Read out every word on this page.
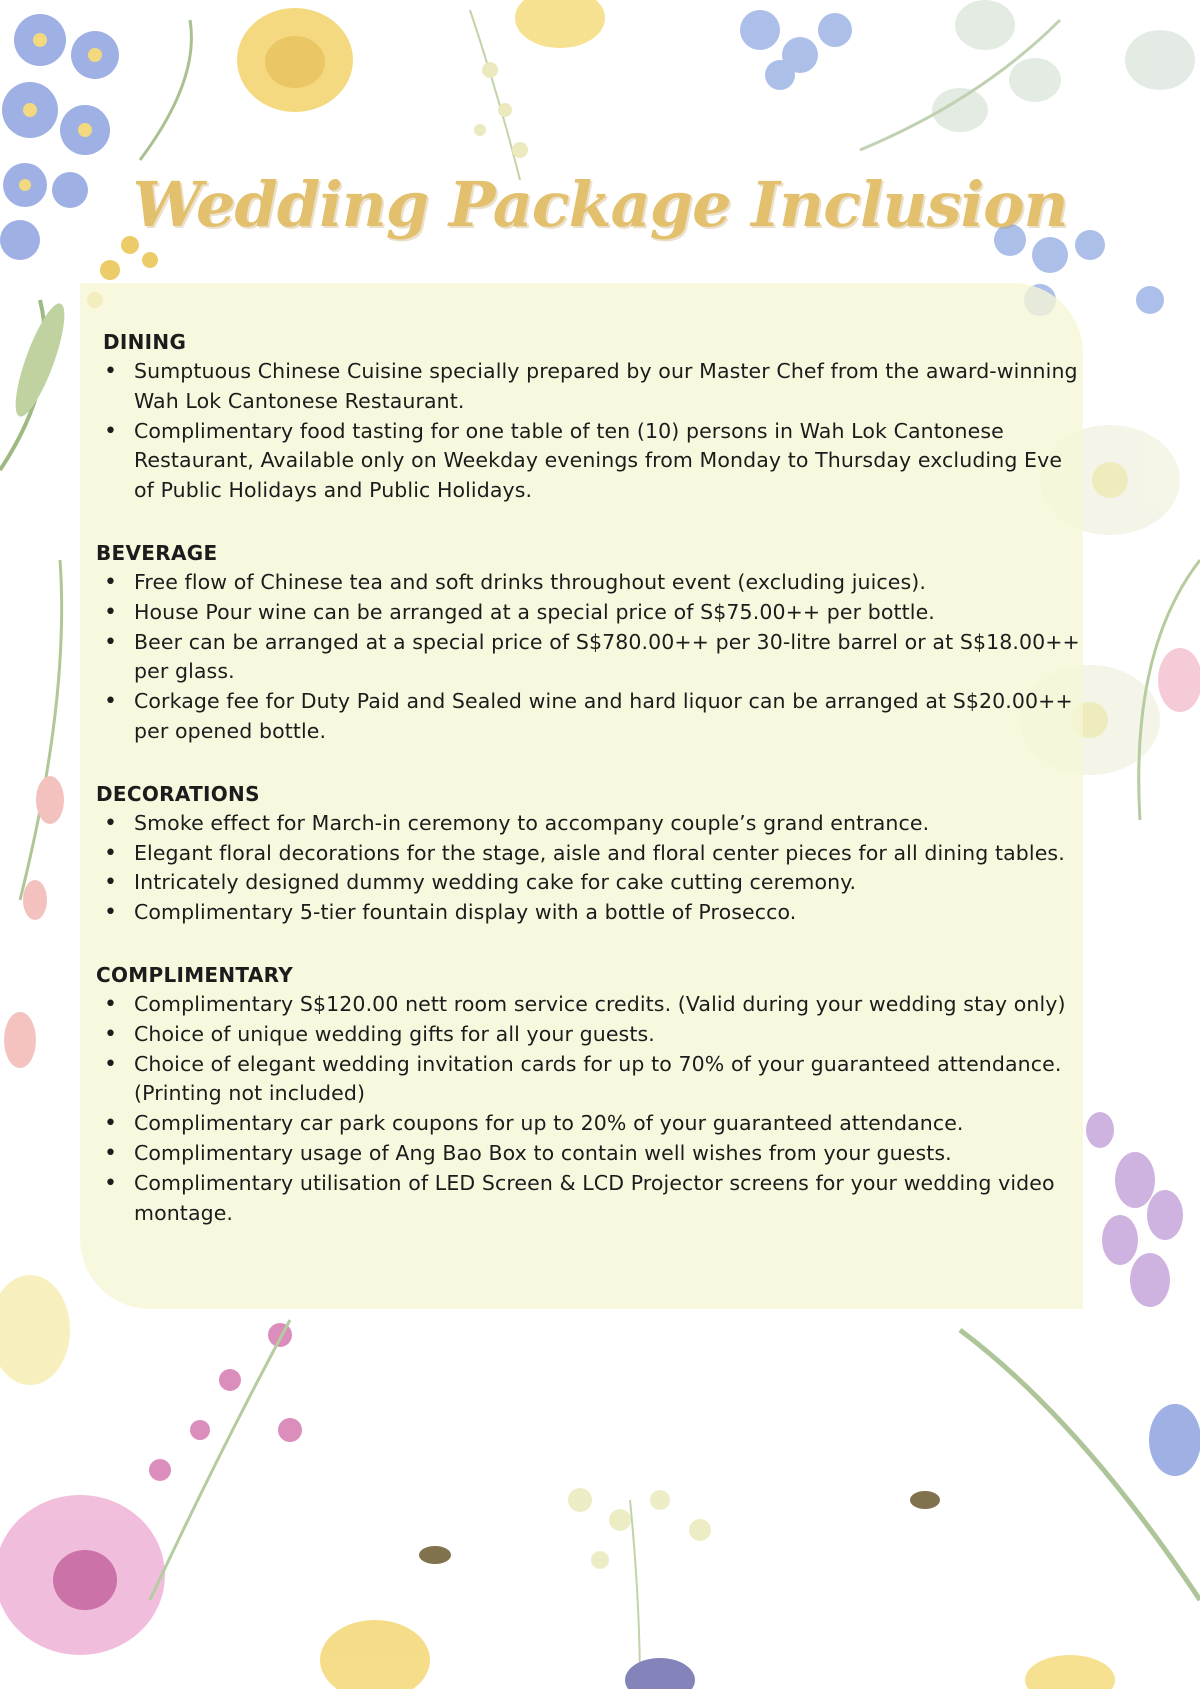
Wedding Package Inclusion
DINING
• Sumptuous Chinese Cuisine specially prepared by our Master Chef from the award-winning Wah Lok Cantonese Restaurant.
• Complimentary food tasting for one table of ten (10) persons in Wah Lok Cantonese Restaurant, Available only on Weekday evenings from Monday to Thursday excluding Eve of Public Holidays and Public Holidays.
BEVERAGE
• Free flow of Chinese tea and soft drinks throughout event (excluding juices).
• House Pour wine can be arranged at a special price of S$75.00++ per bottle.
• Beer can be arranged at a special price of S$780.00++ per 30-litre barrel or at S$18.00++ per glass.
• Corkage fee for Duty Paid and Sealed wine and hard liquor can be arranged at S$20.00++ per opened bottle.
DECORATIONS
• Smoke effect for March-in ceremony to accompany couple’s grand entrance.
• Elegant floral decorations for the stage, aisle and floral center pieces for all dining tables.
• Intricately designed dummy wedding cake for cake cutting ceremony.
• Complimentary 5-tier fountain display with a bottle of Prosecco.
COMPLIMENTARY
• Complimentary S$120.00 nett room service credits. (Valid during your wedding stay only)
• Choice of unique wedding gifts for all your guests.
• Choice of elegant wedding invitation cards for up to 70% of your guaranteed attendance. (Printing not included)
• Complimentary car park coupons for up to 20% of your guaranteed attendance.
• Complimentary usage of Ang Bao Box to contain well wishes from your guests.
• Complimentary utilisation of LED Screen & LCD Projector screens for your wedding video montage.
